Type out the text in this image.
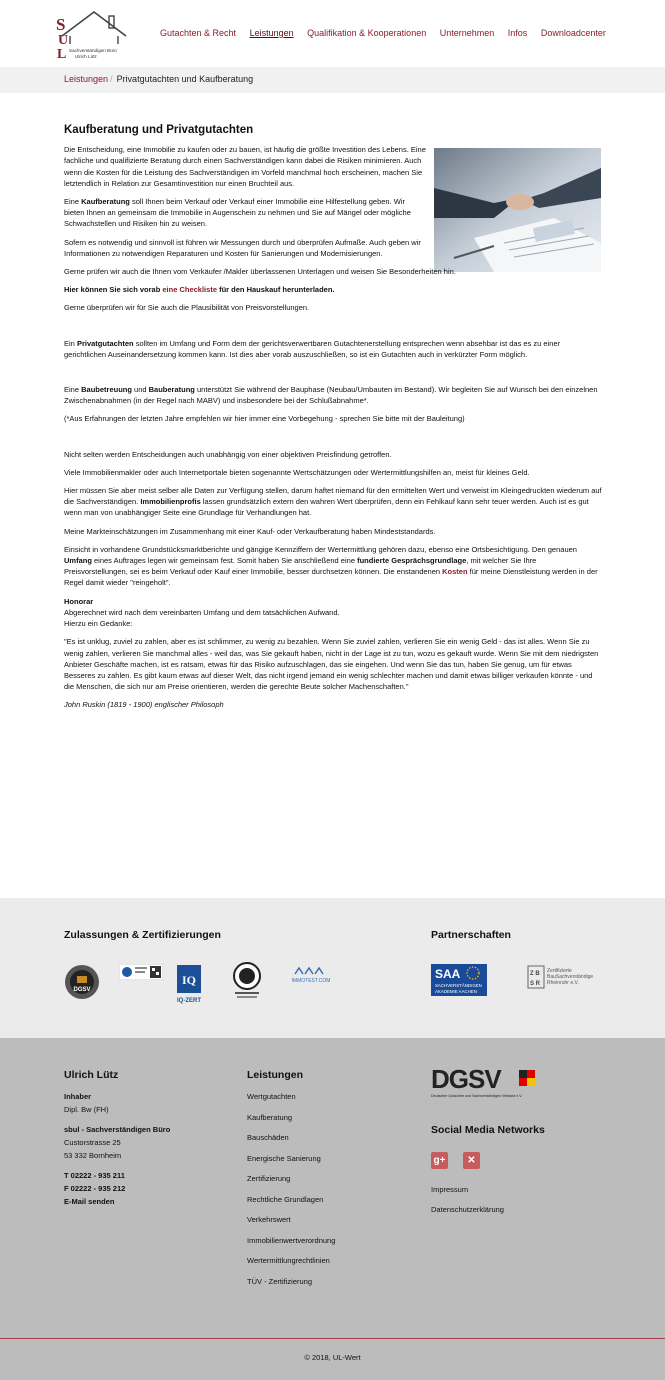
S
U
L Sachverständigen Büro
Ulrich Lütz
Gutachten & Recht Leistungen Qualifikation & Kooperationen Unternehmen Infos Downloadcenter
Leistungen / Privatgutachten und Kaufberatung
Kaufberatung und Privatgutachten

Die Entscheidung, eine Immobilie zu kaufen oder zu bauen, ist häufig die größte Investition des Lebens. Eine fachliche und qualifizierte Beratung durch einen Sachverständigen kann dabei die Risiken minimieren. Auch wenn die Kosten für die Leistung des Sachverständigen im Vorfeld manchmal hoch erscheinen, machen Sie letztendlich in Relation zur Gesamtinvestition nur einen Bruchteil aus.

Eine Kaufberatung soll Ihnen beim Verkauf oder Verkauf einer Immobilie eine Hilfestellung geben. Wir bieten Ihnen an gemeinsam die Immobilie in Augenschein zu nehmen und Sie auf Mängel oder mögliche Schwachstellen und Risiken hin zu weisen.

Sofern es notwendig und sinnvoll ist führen wir Messungen durch und überprüfen Aufmaße. Auch geben wir Informationen zu notwendigen Reparaturen und Kosten für Sanierungen und Modernisierungen.

Gerne prüfen wir auch die Ihnen vom Verkäufer /Makler überlassenen Unterlagen und weisen Sie Besonderheiten hin.

Hier können Sie sich vorab eine Checkliste für den Hauskauf herunterladen.

Gerne überprüfen wir für Sie auch die Plausibilität von Preisvorstellungen.

Ein Privatgutachten sollten im Umfang und Form dem der gerichtsverwertbaren Gutachtenerstellung entsprechen wenn absehbar ist das es zu einer gerichtlichen Auseinandersetzung kommen kann. Ist dies aber vorab auszuschließen, so ist ein Gutachten auch in verkürzter Form möglich.

Eine Baubetreuung und Bauberatung unterstützt Sie während der Bauphase (Neubau/Umbauten im Bestand). Wir begleiten Sie auf Wunsch bei den einzelnen Zwischenabnahmen (in der Regel nach MABV) und insbesondere bei der Schlußabnahme*.

(*Aus Erfahrungen der letzten Jahre empfehlen wir hier immer eine Vorbegehung - sprechen Sie bitte mit der Bauleitung)

Nicht selten werden Entscheidungen auch unabhängig von einer objektiven Preisfindung getroffen.

Viele Immobilienmakler oder auch Internetportale bieten sogenannte Wertschätzungen oder Wertermittlungshilfen an, meist für kleines Geld.

Hier müssen Sie aber meist selber alle Daten zur Verfügung stellen, darum haftet niemand für den ermittelten Wert und verweist im Kleingedruckten wiederum auf die Sachverständigen. Immobilienprofis lassen grundsätzlich extern den wahren Wert überprüfen, denn ein Fehlkauf kann sehr teuer werden. Auch ist es gut wenn man von unabhängiger Seite eine Grundlage für Verhandlungen hat.

Meine Markteinschätzungen im Zusammenhang mit einer Kauf- oder Verkaufberatung haben Mindeststandards.

Einsicht in vorhandene Grundstücksmarktberichte und gängige Kennziffern der Wertermittlung gehören dazu, ebenso eine Ortsbesichtigung. Den genauen Umfang eines Auftrages legen wir gemeinsam fest. Somit haben Sie anschließend eine fundierte Gesprächsgrundlage, mit welcher Sie Ihre Preisvorstellungen, sei es beim Verkauf oder Kauf einer Immobilie, besser durchsetzen können. Die enstandenen Kosten für meine Dienstleistung werden in der Regel damit wieder "reingeholt".

Honorar
Abgerechnet wird nach dem vereinbarten Umfang und dem tatsächlichen Aufwand.
Hierzu ein Gedanke:

"Es ist unklug, zuviel zu zahlen, aber es ist schlimmer, zu wenig zu bezahlen. Wenn Sie zuviel zahlen, verlieren Sie ein wenig Geld - das ist alles. Wenn Sie zu wenig zahlen, verlieren Sie manchmal alles - weil das, was Sie gekauft haben, nicht in der Lage ist zu tun, wozu es gekauft wurde. Wenn Sie mit dem niedrigsten Anbieter Geschäfte machen, ist es ratsam, etwas für das Risiko aufzuschlagen, das sie eingehen. Und wenn Sie das tun, haben Sie genug, um für etwas Besseres zu zahlen. Es gibt kaum etwas auf dieser Welt, das nicht irgend jemand ein wenig schlechter machen und damit etwas billiger verkaufen könnte - und die Menschen, die sich nur am Preise orientieren, werden die gerechte Beute solcher Machenschaften."

John Ruskin (1819 - 1900) englischer Philosoph

Zulassungen & Zertifizierungen	Partnerschaften
DGSV
IQ
IQ-ZERT
IMMOTEST.COM	SAA
SACHVERSTÄNDIGEN
AKADEMIE AACHEN
Z B
S R
Zertifizierte
BauSachverständige
Rheinruhr e.V.
Ulrich Lütz
Inhaber
Dipl. Bw (FH)
sbul - Sachverständigen Büro
Custorstrasse 25
53 332 Bornheim
T 02222 - 935 211
F 02222 - 935 212
E-Mail senden
Leistungen
Wertgutachten
Kaufberatung
Bauschäden
Energische Sanierung
Zertifizierung
Rechtliche Grundlagen
Verkehrswert
Immobilienwertverordnung
Wertermittlungrechtlinien
TÜV - Zertifizierung
DGSV
Deutscher Gutachter und Sachverständigen Verband e.V.
Social Media Networks
g+	✕
Impressum
Datenschutzerklärung
© 2018, UL-Wert
